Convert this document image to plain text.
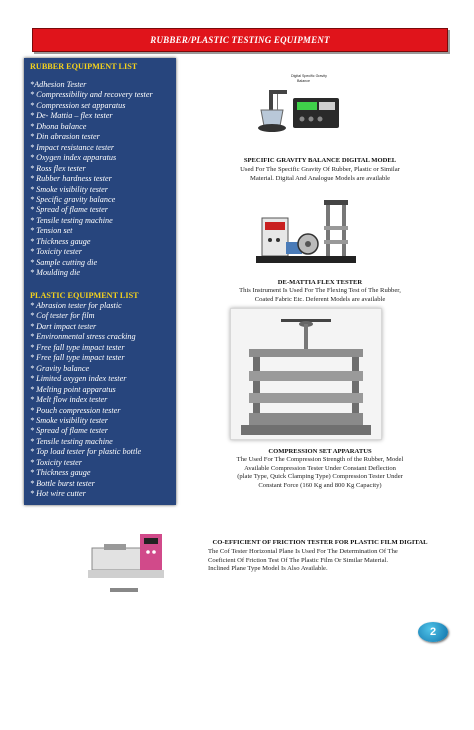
RUBBER/PLASTIC TESTING EQUIPMENT
RUBBER EQUIPMENT LIST
*Adhesion Tester
* Compressibility and recovery tester
* Compression set apparatus
* De- Mattia – flex tester
* Dhona balance
* Din abrasion tester
* Impact resistance tester
* Oxygen index apparatus
* Ross flex tester
* Rubber hardness tester
* Smoke visibility tester
* Specific gravity balance
* Spread of flame tester
* Tensile testing machine
* Tension set
* Thickness gauge
* Toxicity tester
* Sample cutting die
* Moulding die
PLASTIC EQUIPMENT LIST
* Abrasion tester for plastic
* Cof tester for film
* Dart impact tester
* Environmental stress cracking
* Free fall type impact tester
* Free fall type impact tester
* Gravity balance
* Limited oxygen index tester
* Melting point apparatus
* Melt flow index tester
* Pouch compression tester
* Smoke visibility tester
* Spread of flame tester
* Tensile testing machine
* Top load tester for plastic bottle
* Toxicity tester
* Thickness gauge
* Bottle burst tester
* Hot wire cutter
Digital Specific Gravity
Balance
SPECIFIC GRAVITY BALANCE DIGITAL MODEL
Used For The Specific Gravity Of Rubber, Plastic or Similar
Material. Digital And Analogue Models are available
DE-MATTIA FLEX TESTER
This Instrument Is Used For The Flexing Test of The Rubber,
Coated Fabric Etc. Deferent Models are available
COMPRESSION SET APPARATUS
The Used For The Compression Strength of the Rubber, Model
Available Compression Tester Under Constant Deflection
(plate Type, Quick Clamping Type) Compression Tester Under
Constant Force (160 Kg and 800 Kg Capacity)
CO-EFFICIENT OF FRICTION TESTER FOR PLASTIC FILM DIGITAL
The Cof Tester Horizontal Plane Is Used For The Determination Of The
Coeficient Of Friction Test Of The Plastic Film Or Similar Material.
Inclined Plane Type Model Is Also Available.
2
